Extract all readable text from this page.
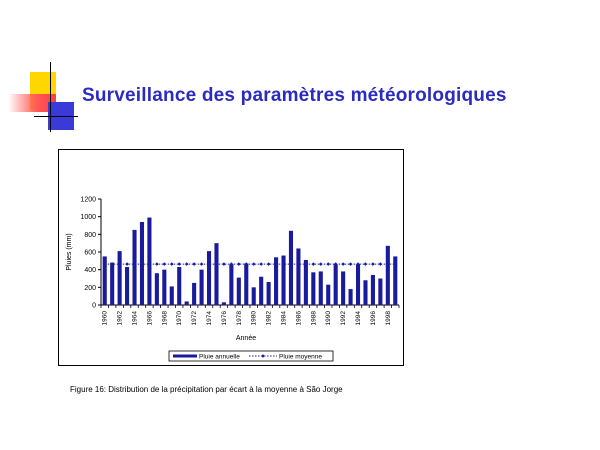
Surveillance des paramètres météorologiques
0
200
400
600
800
1000
1200
1960 1962 1964 1966 1968 1970 1972 1974 1976 1978 1980 1982 1984 1986 1988 1990 1992 1994 1996 1998
Pluies (mm)
Année
Pluie annuelle	Pluie moyenne
Figure 16: Distribution de la précipitation par écart à la moyenne à São Jorge
